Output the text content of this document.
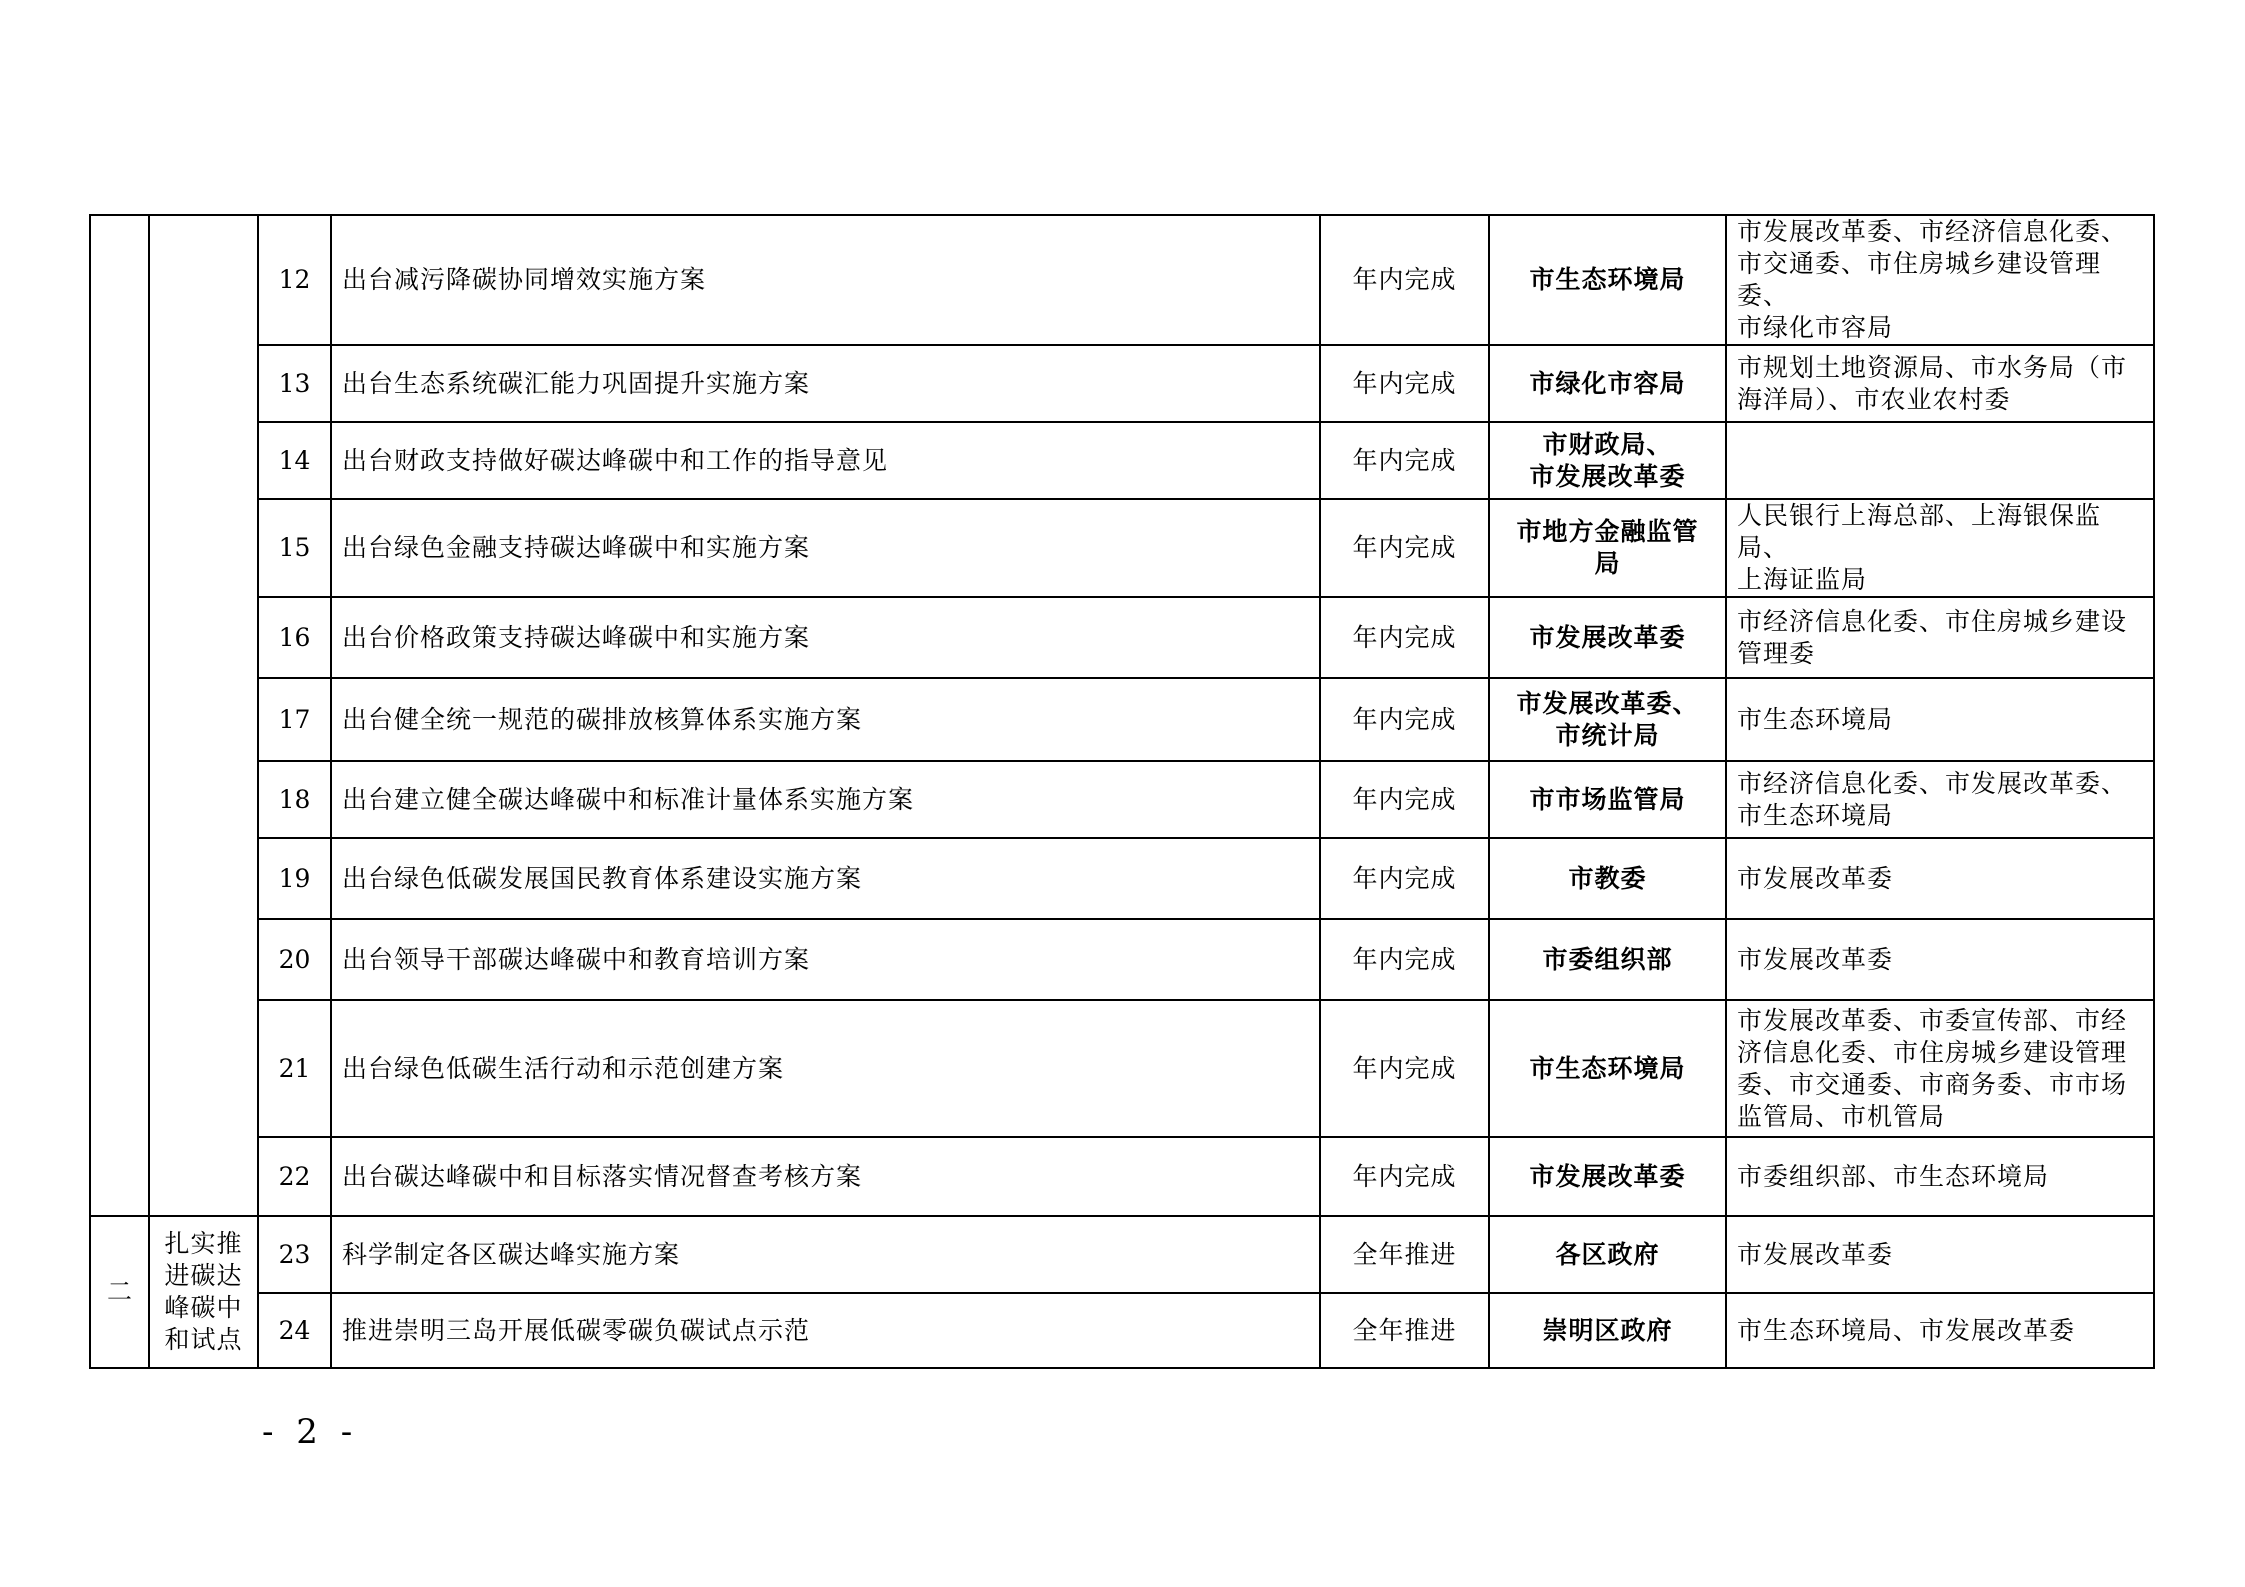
		12	出台减污降碳协同增效实施方案	年内完成	市生态环境局	市发展改革委、市经济信息化委、
市交通委、市住房城乡建设管理委、
市绿化市容局

		13	出台生态系统碳汇能力巩固提升实施方案	年内完成	市绿化市容局	市规划土地资源局、市水务局（市
海洋局）、市农业农村委

		14	出台财政支持做好碳达峰碳中和工作的指导意见	年内完成	市财政局、
市发展改革委	

		15	出台绿色金融支持碳达峰碳中和实施方案	年内完成	市地方金融监管
局	人民银行上海总部、上海银保监局、
上海证监局

		16	出台价格政策支持碳达峰碳中和实施方案	年内完成	市发展改革委	市经济信息化委、市住房城乡建设
管理委

		17	出台健全统一规范的碳排放核算体系实施方案	年内完成	市发展改革委、
市统计局	市生态环境局

		18	出台建立健全碳达峰碳中和标准计量体系实施方案	年内完成	市市场监管局	市经济信息化委、市发展改革委、
市生态环境局

		19	出台绿色低碳发展国民教育体系建设实施方案	年内完成	市教委	市发展改革委

		20	出台领导干部碳达峰碳中和教育培训方案	年内完成	市委组织部	市发展改革委

		21	出台绿色低碳生活行动和示范创建方案	年内完成	市生态环境局	市发展改革委、市委宣传部、市经
济信息化委、市住房城乡建设管理
委、市交通委、市商务委、市市场
监管局、市机管局

		22	出台碳达峰碳中和目标落实情况督查考核方案	年内完成	市发展改革委	市委组织部、市生态环境局

二	扎实推
进碳达
峰碳中
和试点	23	科学制定各区碳达峰实施方案	全年推进	各区政府	市发展改革委

		24	推进崇明三岛开展低碳零碳负碳试点示范	全年推进	崇明区政府	市生态环境局、市发展改革委
- 2 -
